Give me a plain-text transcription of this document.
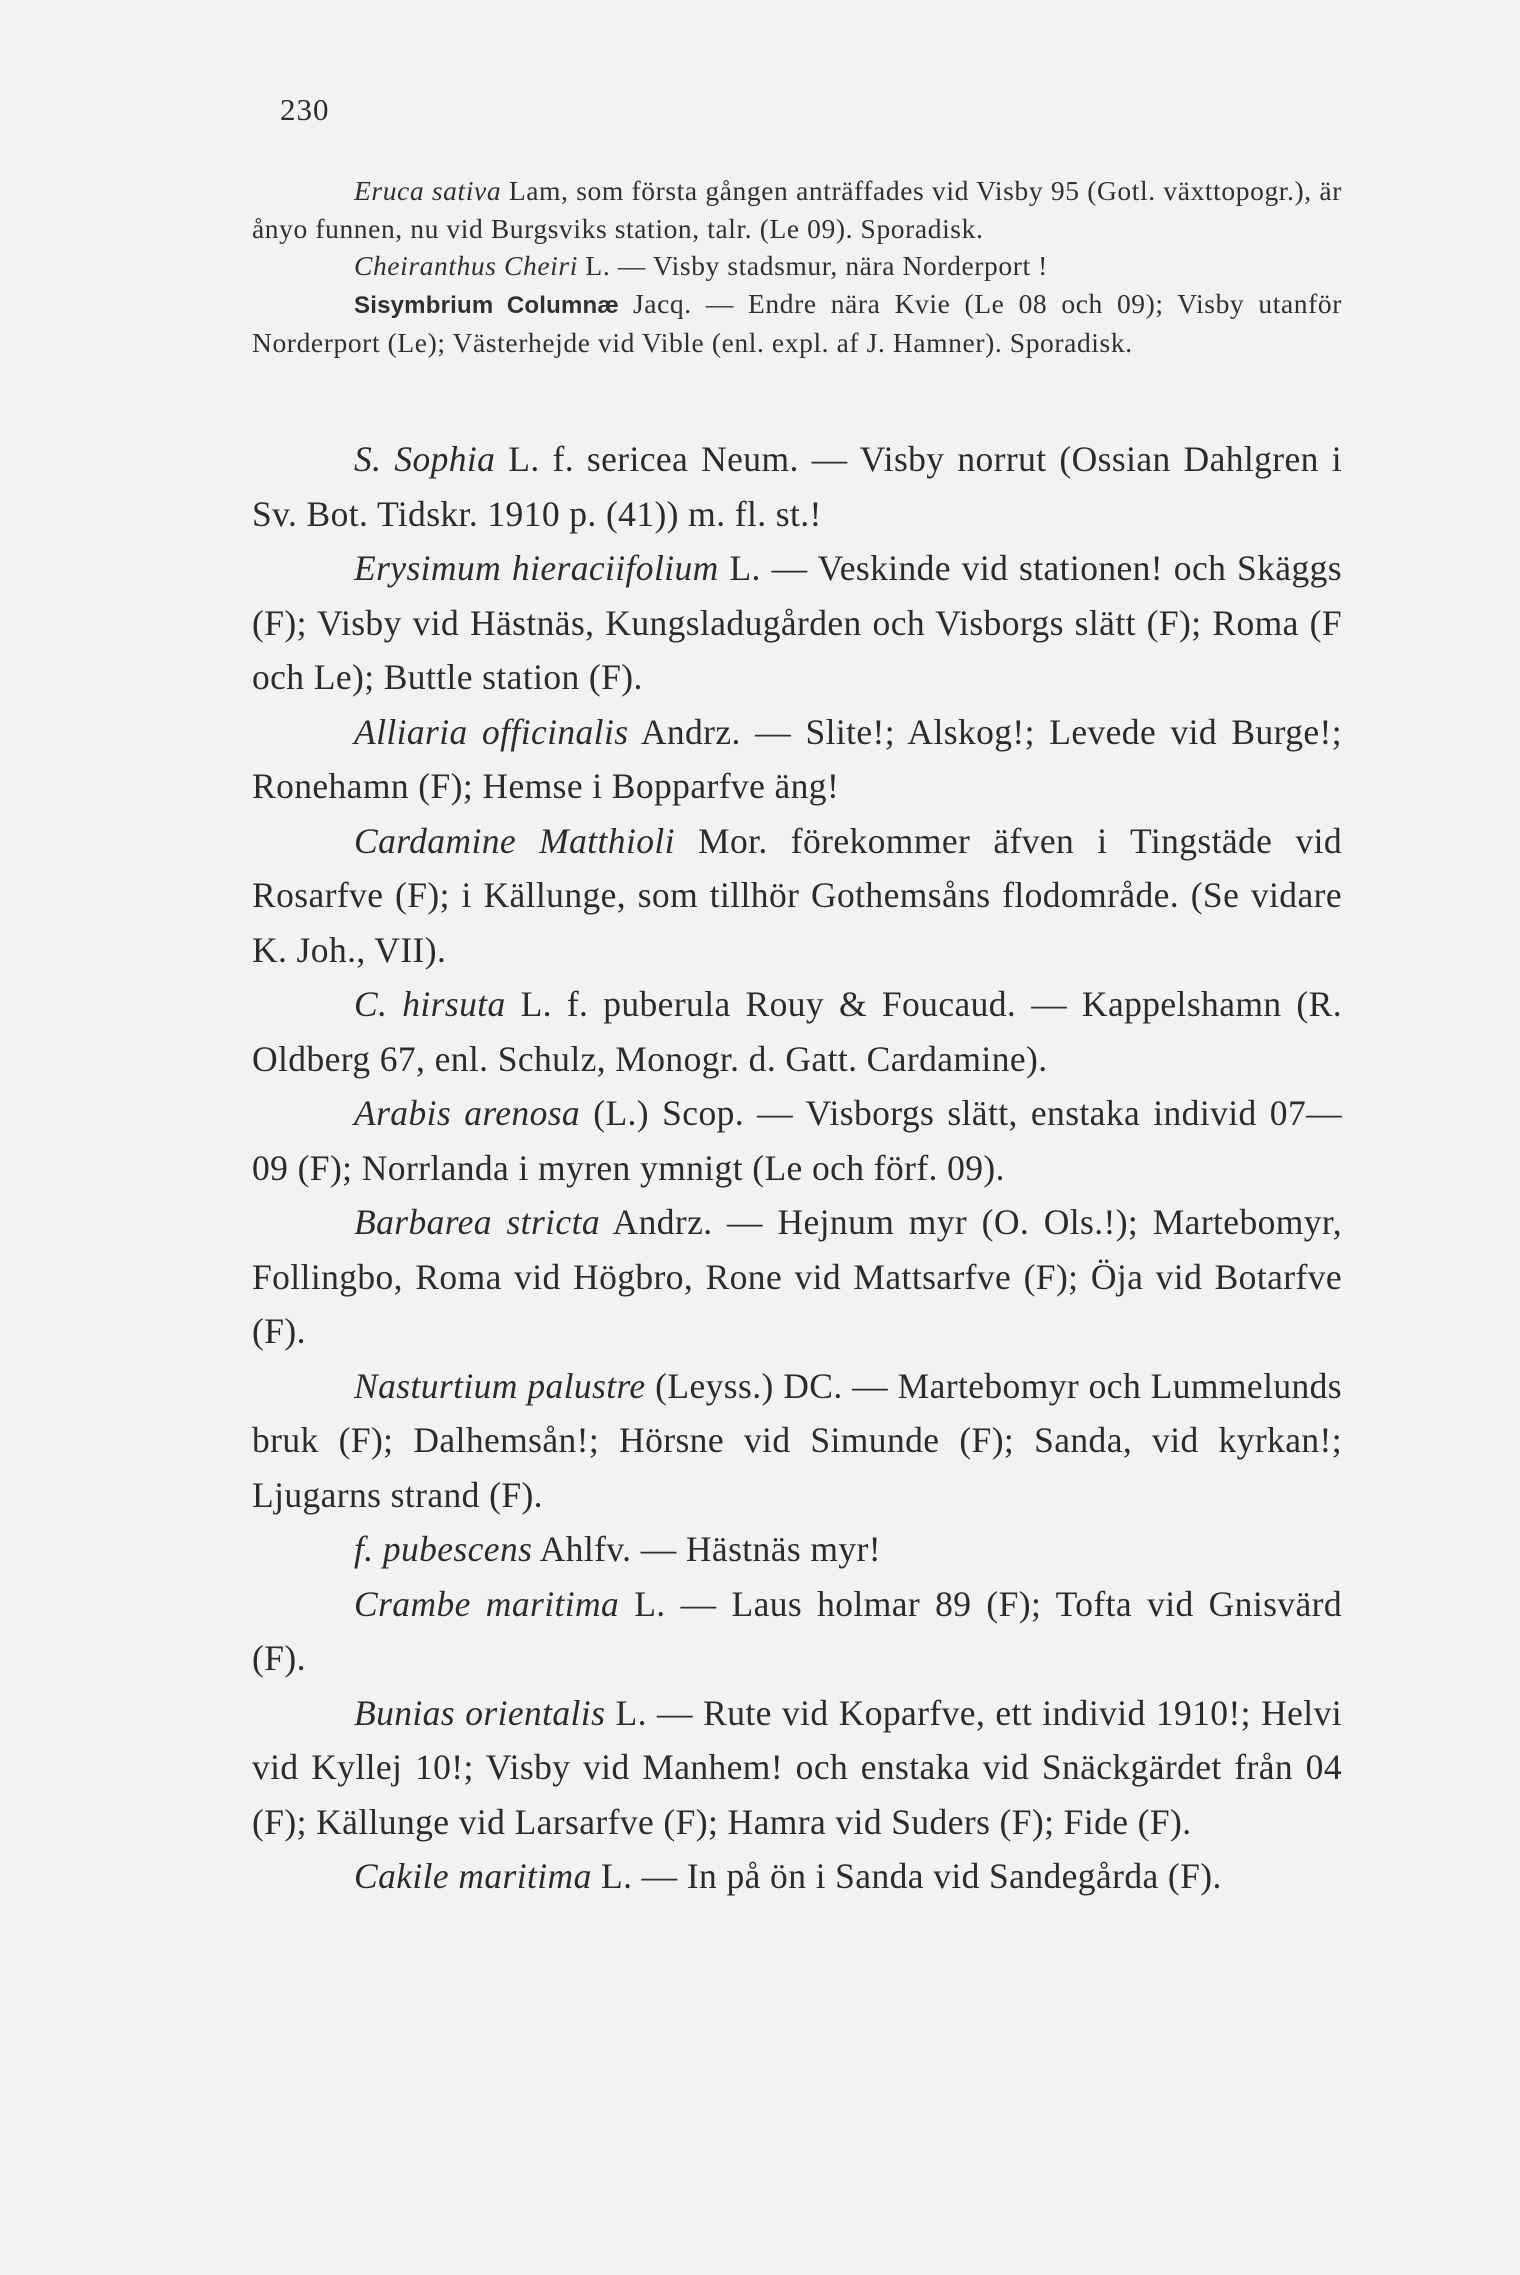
230

Eruca sativa Lam, som första gången anträffades vid Visby 95 (Gotl. växttopogr.), är ånyo funnen, nu vid Burgsviks station, talr. (Le 09). Sporadisk.

Cheiranthus Cheiri L. — Visby stadsmur, nära Norderport !

Sisymbrium Columnæ Jacq. — Endre nära Kvie (Le 08 och 09); Visby utanför Norderport (Le); Västerhejde vid Vible (enl. expl. af J. Hamner). Sporadisk.

S. Sophia L. f. sericea Neum. — Visby norrut (Ossian Dahlgren i Sv. Bot. Tidskr. 1910 p. (41)) m. fl. st.!

Erysimum hieraciifolium L. — Veskinde vid stationen! och Skäggs (F); Visby vid Hästnäs, Kungsladugården och Visborgs slätt (F); Roma (F och Le); Buttle station (F).

Alliaria officinalis Andrz. — Slite!; Alskog!; Levede vid Burge!; Ronehamn (F); Hemse i Bopparfve äng!

Cardamine Matthioli Mor. förekommer äfven i Tingstäde vid Rosarfve (F); i Källunge, som tillhör Gothemsåns flodområde. (Se vidare K. Joh., VII).

C. hirsuta L. f. puberula Rouy & Foucaud. — Kappelshamn (R. Oldberg 67, enl. Schulz, Monogr. d. Gatt. Cardamine).

Arabis arenosa (L.) Scop. — Visborgs slätt, enstaka individ 07—09 (F); Norrlanda i myren ymnigt (Le och förf. 09).

Barbarea stricta Andrz. — Hejnum myr (O. Ols.!); Martebomyr, Follingbo, Roma vid Högbro, Rone vid Mattsarfve (F); Öja vid Botarfve (F).

Nasturtium palustre (Leyss.) DC. — Martebomyr och Lummelunds bruk (F); Dalhemsån!; Hörsne vid Simunde (F); Sanda, vid kyrkan!; Ljugarns strand (F).

f. pubescens Ahlfv. — Hästnäs myr!

Crambe maritima L. — Laus holmar 89 (F); Tofta vid Gnisvärd (F).

Bunias orientalis L. — Rute vid Koparfve, ett individ 1910!; Helvi vid Kyllej 10!; Visby vid Manhem! och enstaka vid Snäckgärdet från 04 (F); Källunge vid Larsarfve (F); Hamra vid Suders (F); Fide (F).

Cakile maritima L. — In på ön i Sanda vid Sandegårda (F).
